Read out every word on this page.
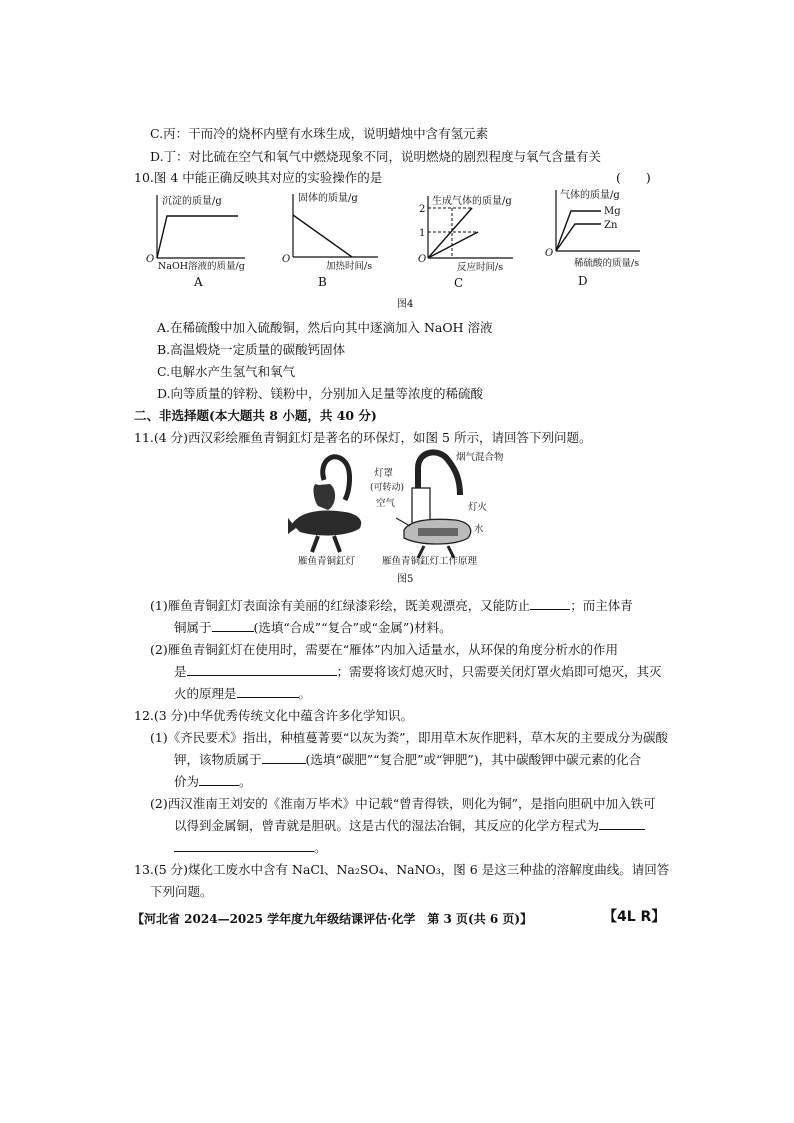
C.丙：干而冷的烧杯内壁有水珠生成，说明蜡烛中含有氢元素
D.丁：对比硫在空气和氧气中燃烧现象不同，说明燃烧的剧烈程度与氧气含量有关
10.图 4 中能正确反映其对应的实验操作的是	(　　)
沉淀的质量/g
O
NaOH溶液的质量/g
A
固体的质量/g
O
加热时间/s
B
生成气体的质量/g
2
1
O
反应时间/s
C
气体的质量/g
Mg
Zn
O
稀硫酸的质量/s
D
图4
A.在稀硫酸中加入硫酸铜，然后向其中逐滴加入 NaOH 溶液
B.高温煅烧一定质量的碳酸钙固体
C.电解水产生氢气和氧气
D.向等质量的锌粉、镁粉中，分别加入足量等浓度的稀硫酸
二、非选择题(本大题共 8 小题，共 40 分)
11.(4 分)西汉彩绘雁鱼青铜釭灯是著名的环保灯，如图 5 所示，请回答下列问题。
雁鱼青铜釭灯
烟气混合物
灯罩
(可转动)
空气	灯火
水
雁鱼青铜釭灯工作原理
图5
(1)雁鱼青铜釭灯表面涂有美丽的红绿漆彩绘，既美观漂亮，又能防止	；而主体青
铜属于	(选填“合成”“复合”或“金属”)材料。
(2)雁鱼青铜釭灯在使用时，需要在“雁体”内加入适量水，从环保的角度分析水的作用
是	；需要将该灯熄灭时，只需要关闭灯罩火焰即可熄灭，其灭
火的原理是	。
12.(3 分)中华优秀传统文化中蕴含许多化学知识。
(1)《齐民要术》指出，种植蔓菁要“以灰为粪”，即用草木灰作肥料，草木灰的主要成分为碳酸
钾，该物质属于	(选填“碳肥”“复合肥”或“钾肥”)，其中碳酸钾中碳元素的化合
价为	。
(2)西汉淮南王刘安的《淮南万毕术》中记载“曾青得铁，则化为铜”，是指向胆矾中加入铁可
以得到金属铜，曾青就是胆矾。这是古代的湿法冶铜，其反应的化学方程式为
。
13.(5 分)煤化工废水中含有 NaCl、Na₂SO₄、NaNO₃，图 6 是这三种盐的溶解度曲线。请回答
下列问题。
【河北省 2024—2025 学年度九年级结课评估·化学　第 3 页(共 6 页)】	【4L R】
